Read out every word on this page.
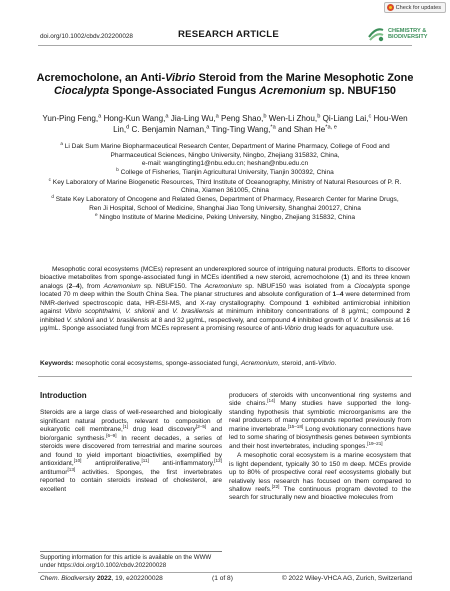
Check for updates
doi.org/10.1002/cbdv.202200028	RESEARCH ARTICLE	CHEMISTRY &
BIODIVERSITY
Acremocholone, an Anti-Vibrio Steroid from the Marine Mesophotic Zone Ciocalypta Sponge-Associated Fungus Acremonium sp. NBUF150
Yun-Ping Feng,$^a$ Hong-Kun Wang,$^a$ Jia-Ling Wu,$^a$ Peng Shao,$^b$ Wen-Li Zhou,$^b$ Qi-Liang Lai,$^c$ Hou-Wen Lin,$^d$ C. Benjamin Naman,$^a$ Ting-Ting Wang,$^{*a}$ and Shan He$^{*a, e}$
$^a$ Li Dak Sum Marine Biopharmaceutical Research Center, Department of Marine Pharmacy, College of Food and Pharmaceutical Sciences, Ningbo University, Ningbo, Zhejiang 315832, China,
e-mail: wangtingting1@nbu.edu.cn; heshan@nbu.edu.cn
$^b$ College of Fisheries, Tianjin Agricultural University, Tianjin 300392, China
$^c$ Key Laboratory of Marine Biogenetic Resources, Third Institute of Oceanography, Ministry of Natural Resources of P. R. China, Xiamen 361005, China
$^d$ State Key Laboratory of Oncogene and Related Genes, Department of Pharmacy, Research Center for Marine Drugs, Ren Ji Hospital, School of Medicine, Shanghai Jiao Tong University, Shanghai 200127, China
$^e$ Ningbo Institute of Marine Medicine, Peking University, Ningbo, Zhejiang 315832, China
Mesophotic coral ecosystems (MCEs) represent an underexplored source of intriguing natural products. Efforts to discover bioactive metabolites from sponge-associated fungi in MCEs identified a new steroid, acremocholone (1) and its three known analogs (2–4), from Acremonium sp. NBUF150. The Acremonium sp. NBUF150 was isolated from a Ciocalypta sponge located 70 m deep within the South China Sea. The planar structures and absolute configuration of 1–4 were determined from NMR-derived spectroscopic data, HR-ESI-MS, and X-ray crystallography. Compound 1 exhibited antimicrobial inhibition against Vibrio scophthalmi, V. shilonii and V. brasiliensis at minimum inhibitory concentrations of 8 μg/mL; compound 2 inhibited V. shilonii and V. brasiliensis at 8 and 32 μg/mL, respectively, and compound 4 inhibited growth of V. brasiliensis at 16 μg/mL. Sponge associated fungi from MCEs represent a promising resource of anti-Vibrio drug leads for aquaculture use.
Keywords: mesophotic coral ecosystems, sponge-associated fungi, Acremonium, steroid, anti-Vibrio.
Introduction
Steroids are a large class of well-researched and biologically significant natural products, relevant to composition of eukaryotic cell membrane,[1] drug lead discovery[2–5] and bio/organic synthesis.[6–9] In recent decades, a series of steroids were discovered from terrestrial and marine sources and found to yield important bioactivities, exemplified by antioxidant,[10] antiproliferative,[11] anti-inflammatory,[12] antitumor[13] activities. Sponges, the first invertebrates reported to contain steroids instead of cholesterol, are excellent
Supporting information for this article is available on the WWW under https://doi.org/10.1002/cbdv.202200028
producers of steroids with unconventional ring systems and side chains.[14] Many studies have supported the long-standing hypothesis that symbiotic microorganisms are the real producers of many compounds reported previously from marine invertebrate.[15–18] Long evolutionary connections have led to some sharing of biosynthesis genes between symbionts and their host invertebrates, including sponges.[19–21]
A mesophotic coral ecosystem is a marine ecosystem that is light dependent, typically 30 to 150 m deep. MCEs provide up to 80% of prospective coral reef ecosystems globally but relatively less research has focused on them compared to shallow reefs.[22] The continuous program devoted to the search for structurally new and bioactive molecules from
Chem. Biodiversity 2022, 19, e202200028	(1 of 8)	© 2022 Wiley-VHCA AG, Zurich, Switzerland
